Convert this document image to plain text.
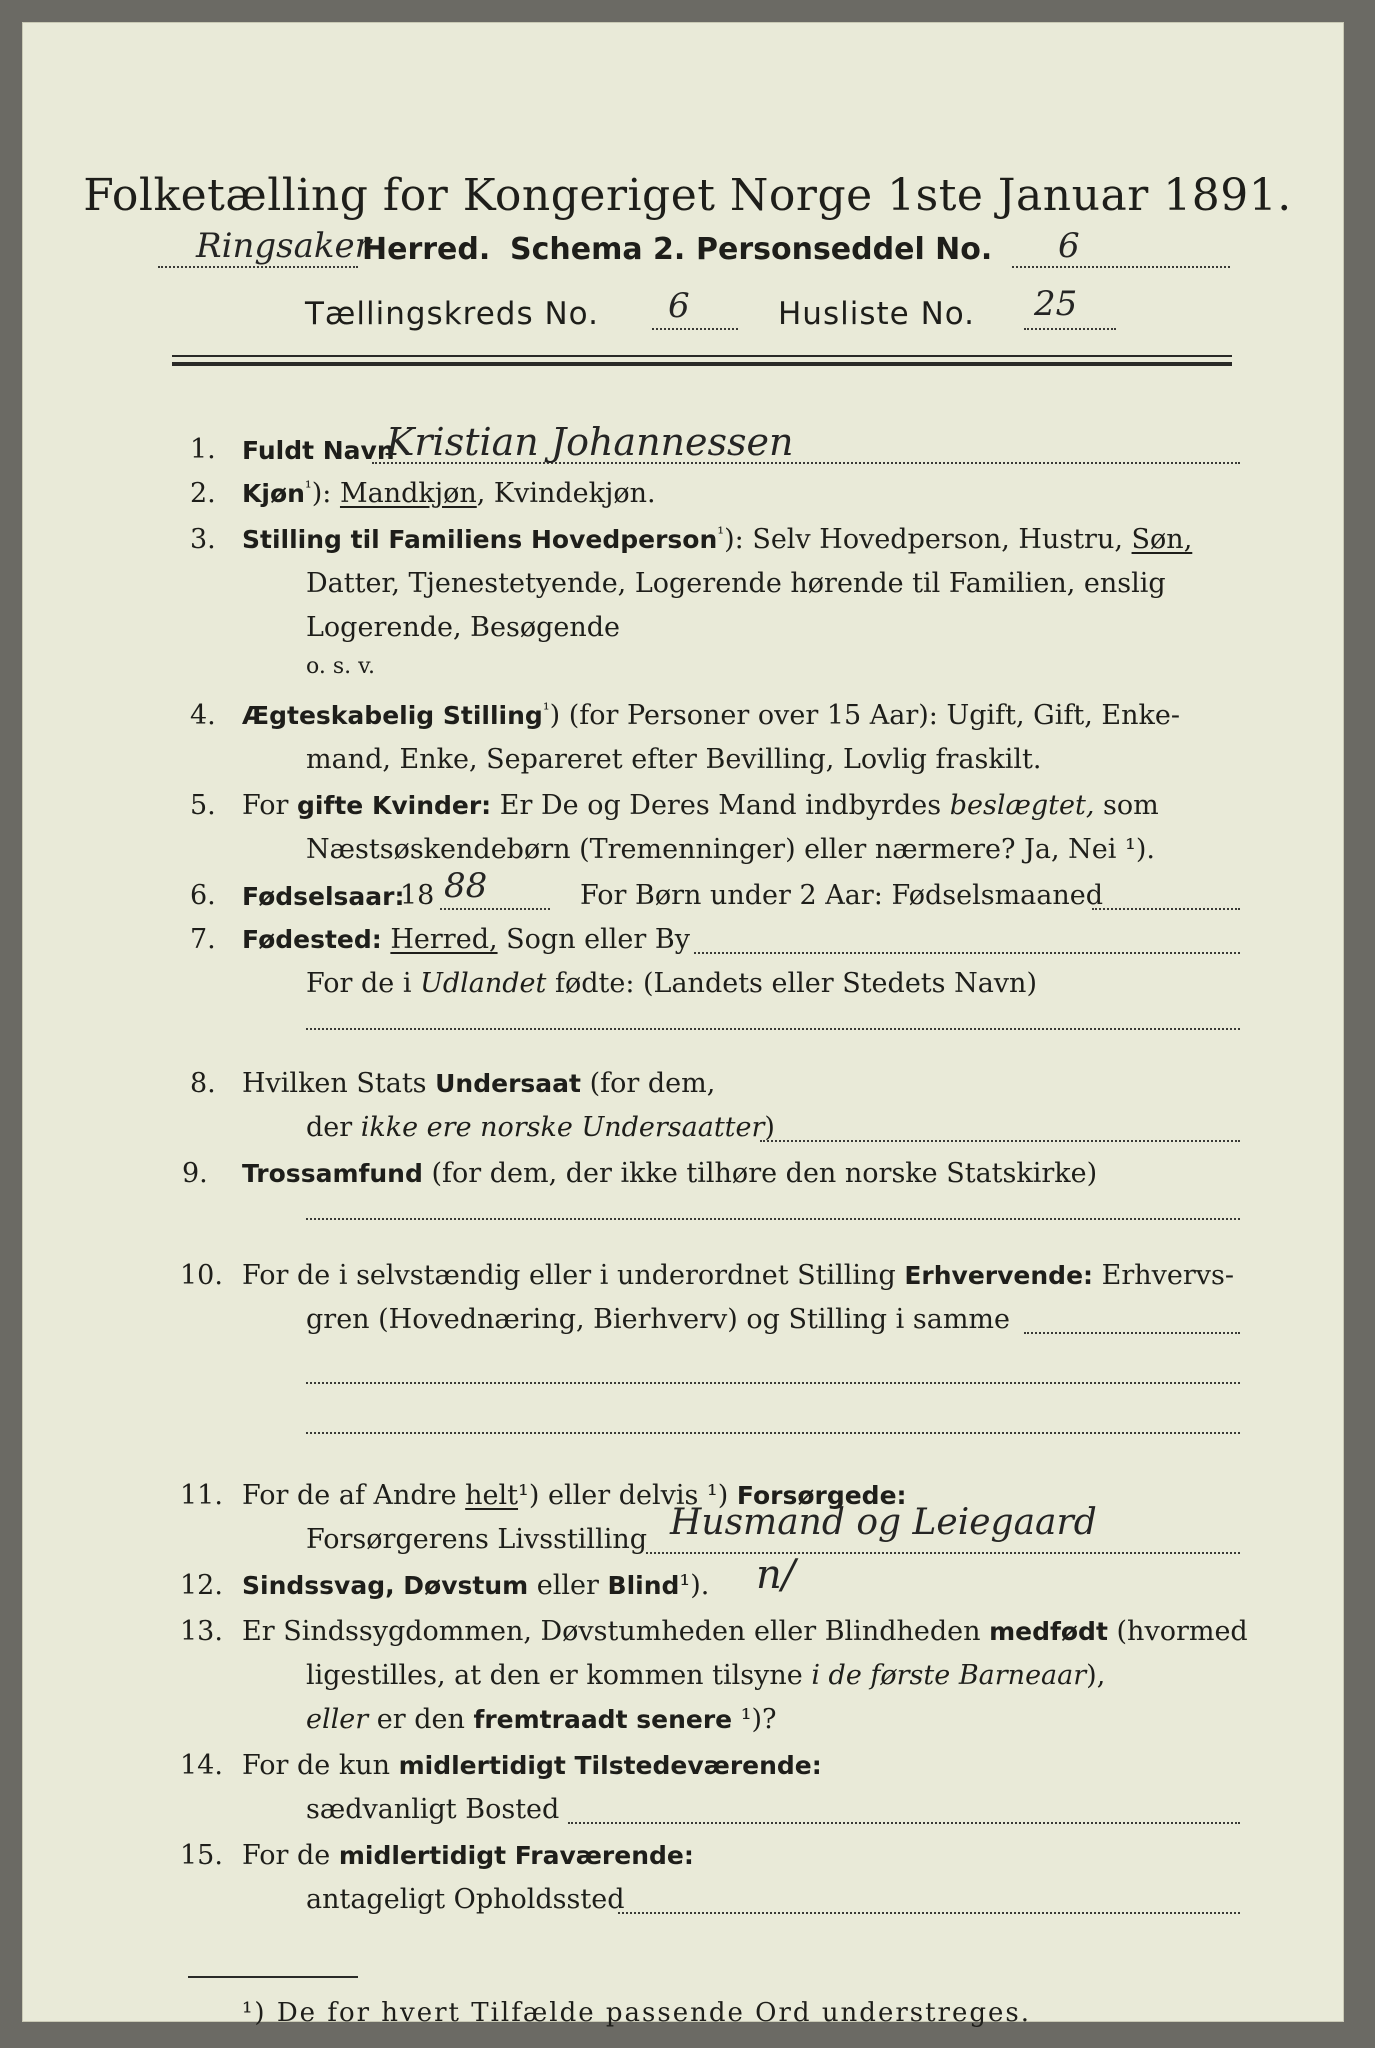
Folketælling for Kongeriget Norge 1ste Januar 1891.
Ringsaker
Herred. Schema 2. Personseddel No. 6
Tællingskreds No. 6	Husliste No. 25
1. Fuldt Navn
Kristian Johannessen
2. Kjøn$^{^1}$): Mandkjøn, Kvindekjøn.
3. Stilling til Familiens Hovedperson$^{^1}$): Selv Hovedperson, Hustru, Søn,
Datter, Tjenestetyende, Logerende hørende til Familien, enslig
Logerende, Besøgende
o. s. v.
4. Ægteskabelig Stilling$^{^1}$) (for Personer over 15 Aar): Ugift, Gift, Enke-
mand, Enke, Separeret efter Bevilling, Lovlig fraskilt.
5. For gifte Kvinder: Er De og Deres Mand indbyrdes beslægtet, som
Næstsøskendebørn (Tremenninger) eller nærmere? Ja, Nei ¹).
6. Fødselsaar:
18 88	For Børn under 2 Aar: Fødselsmaaned
7. Fødested: Herred, Sogn eller By
For de i Udlandet fødte: (Landets eller Stedets Navn)
8. Hvilken Stats Undersaat (for dem,
der ikke ere norske Undersaatter)
9. Trossamfund (for dem, der ikke tilhøre den norske Statskirke)
10. For de i selvstændig eller i underordnet Stilling Erhvervende: Erhvervs-
gren (Hovednæring, Bierhverv) og Stilling i samme
11. For de af Andre helt¹) eller delvis ¹) Forsørgede:
Forsørgerens Livsstilling Husmand og Leiegaard
12. Sindssvag, Døvstum eller Blind¹). n/
13. Er Sindssygdommen, Døvstumheden eller Blindheden medfødt (hvormed
ligestilles, at den er kommen tilsyne i de første Barneaar),
eller er den fremtraadt senere ¹)?
14. For de kun midlertidigt Tilstedeværende:
sædvanligt Bosted
15. For de midlertidigt Fraværende:
antageligt Opholdssted
¹) De for hvert Tilfælde passende Ord understreges.
